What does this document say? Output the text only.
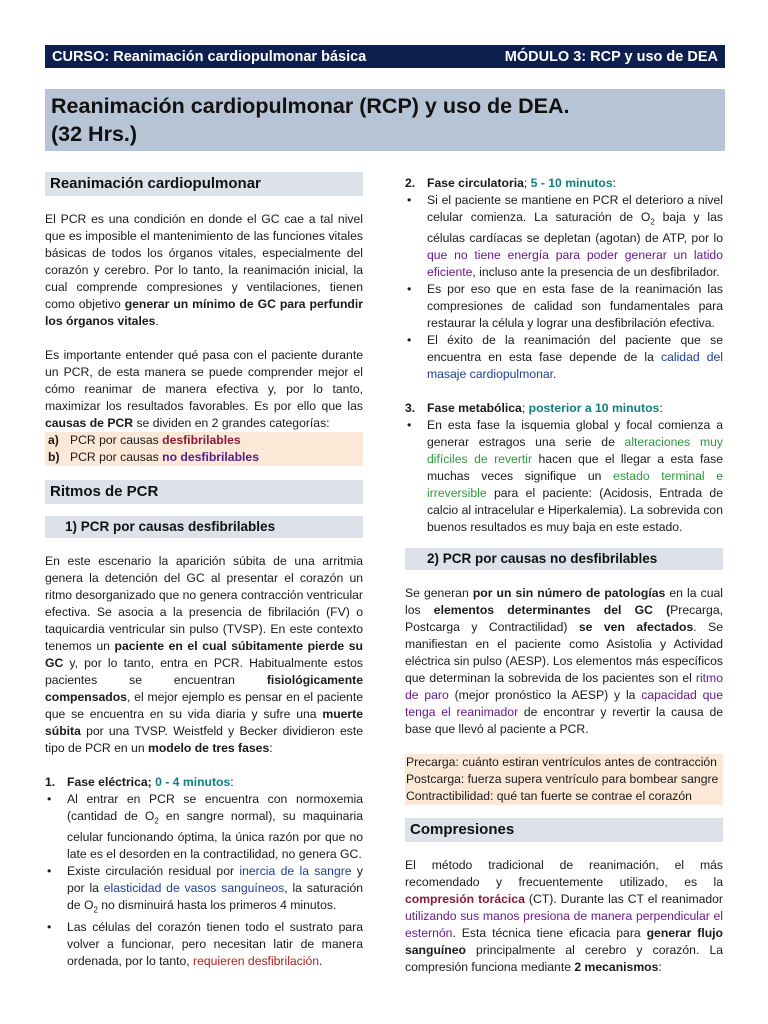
CURSO: Reanimación cardiopulmonar básica	MÓDULO 3: RCP y uso de DEA
Reanimación cardiopulmonar (RCP) y uso de DEA.
(32 Hrs.)
Reanimación cardiopulmonar

El PCR es una condición en donde el GC cae a tal nivel que es imposible el mantenimiento de las funciones vitales básicas de todos los órganos vitales, especialmente del corazón y cerebro. Por lo tanto, la reanimación inicial, la cual comprende compresiones y ventilaciones, tienen como objetivo generar un mínimo de GC para perfundir los órganos vitales.

Es importante entender qué pasa con el paciente durante un PCR, de esta manera se puede comprender mejor el cómo reanimar de manera efectiva y, por lo tanto, maximizar los resultados favorables. Es por ello que las causas de PCR se dividen en 2 grandes categorías:

a) PCR por causas desfibrilables
b) PCR por causas no desfibrilables
Ritmos de PCR
1) PCR por causas desfibrilables

En este escenario la aparición súbita de una arritmia genera la detención del GC al presentar el corazón un ritmo desorganizado que no genera contracción ventricular efectiva. Se asocia a la presencia de fibrilación (FV) o taquicardia ventricular sin pulso (TVSP). En este contexto tenemos un paciente en el cual súbitamente pierde su GC y, por lo tanto, entra en PCR. Habitualmente estos pacientes se encuentran fisiológicamente compensados, el mejor ejemplo es pensar en el paciente que se encuentra en su vida diaria y sufre una muerte súbita por una TVSP. Weistfeld y Becker dividieron este tipo de PCR en un modelo de tres fases:

1. Fase eléctrica; 0 - 4 minutos:
• Al entrar en PCR se encuentra con normoxemia (cantidad de $O_2$ en sangre normal), su maquinaria celular funcionando óptima, la única razón por que no late es el desorden en la contractilidad, no genera GC.
• Existe circulación residual por inercia de la sangre y por la elasticidad de vasos sanguíneos, la saturación de $O_2$ no disminuirá hasta los primeros 4 minutos.
• Las células del corazón tienen todo el sustrato para volver a funcionar, pero necesitan latir de manera ordenada, por lo tanto, requieren desfibrilación.
2. Fase circulatoria; 5 - 10 minutos:
• Si el paciente se mantiene en PCR el deterioro a nivel celular comienza. La saturación de $O_2$ baja y las células cardíacas se depletan (agotan) de ATP, por lo que no tiene energía para poder generar un latido eficiente, incluso ante la presencia de un desfibrilador.
• Es por eso que en esta fase de la reanimación las compresiones de calidad son fundamentales para restaurar la célula y lograr una desfibrilación efectiva.
• El éxito de la reanimación del paciente que se encuentra en esta fase depende de la calidad del masaje cardiopulmonar.
3. Fase metabólica; posterior a 10 minutos:
• En esta fase la isquemia global y focal comienza a generar estragos una serie de alteraciones muy difíciles de revertir hacen que el llegar a esta fase muchas veces signifique un estado terminal e irreversible para el paciente: (Acidosis, Entrada de calcio al intracelular e Hiperkalemia). La sobrevida con buenos resultados es muy baja en este estado.
2) PCR por causas no desfibrilables

Se generan por un sin número de patologías en la cual los elementos determinantes del GC (Precarga, Postcarga y Contractilidad) se ven afectados. Se manifiestan en el paciente como Asistolia y Actividad eléctrica sin pulso (AESP). Los elementos más específicos que determinan la sobrevida de los pacientes son el ritmo de paro (mejor pronóstico la AESP) y la capacidad que tenga el reanimador de encontrar y revertir la causa de base que llevó al paciente a PCR.

Precarga: cuánto estiran ventrículos antes de contracción
Postcarga: fuerza supera ventrículo para bombear sangre
Contractibilidad: qué tan fuerte se contrae el corazón
Compresiones

El método tradicional de reanimación, el más recomendado y frecuentemente utilizado, es la compresión torácica (CT). Durante las CT el reanimador utilizando sus manos presiona de manera perpendicular el esternón. Esta técnica tiene eficacia para generar flujo sanguíneo principalmente al cerebro y corazón. La compresión funciona mediante 2 mecanismos:
